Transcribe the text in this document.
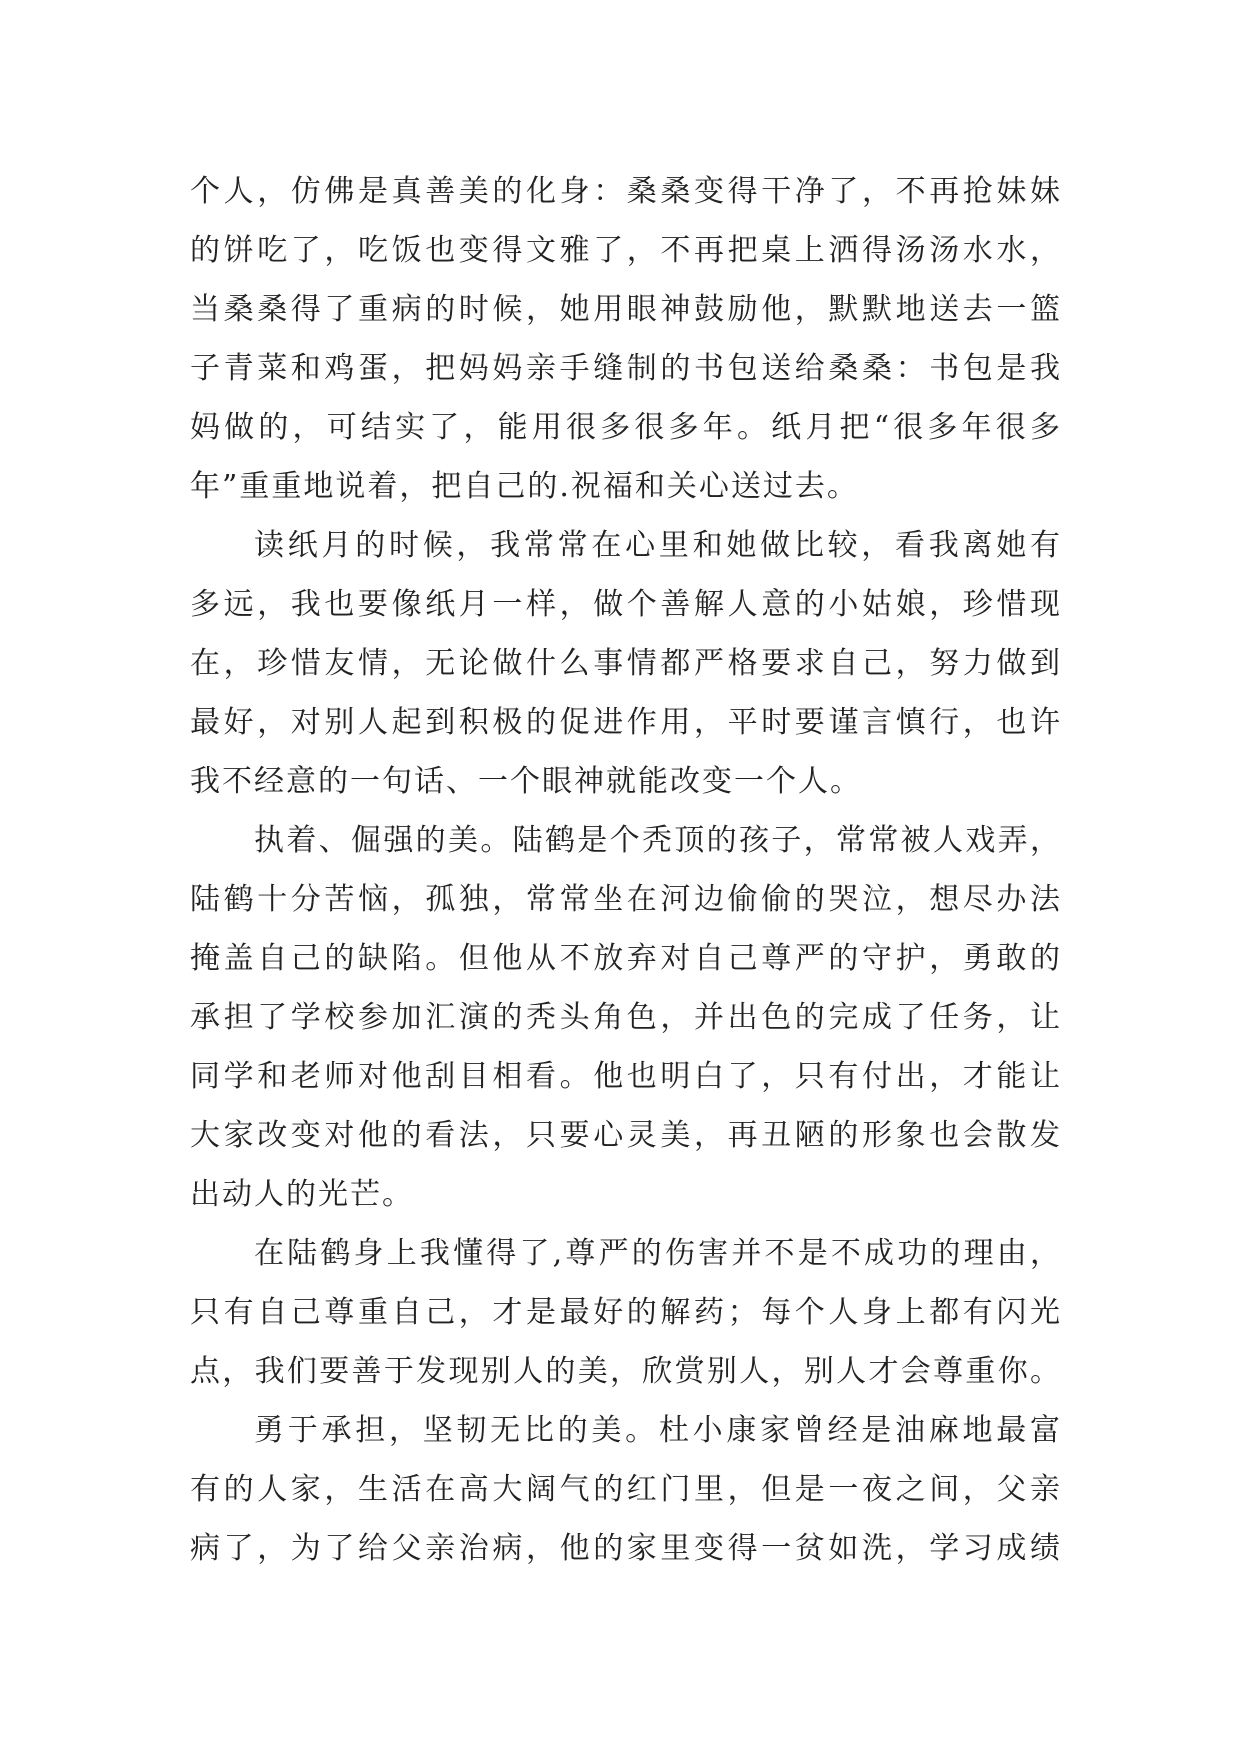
个人，仿佛是真善美的化身：桑桑变得干净了，不再抢妹妹
的饼吃了，吃饭也变得文雅了，不再把桌上洒得汤汤水水，
当桑桑得了重病的时候，她用眼神鼓励他，默默地送去一篮
子青菜和鸡蛋，把妈妈亲手缝制的书包送给桑桑：书包是我
妈做的，可结实了，能用很多很多年。纸月把“很多年很多
年”重重地说着，把自己的.祝福和关心送过去。
读纸月的时候，我常常在心里和她做比较，看我离她有
多远，我也要像纸月一样，做个善解人意的小姑娘，珍惜现
在，珍惜友情，无论做什么事情都严格要求自己，努力做到
最好，对别人起到积极的促进作用，平时要谨言慎行，也许
我不经意的一句话、一个眼神就能改变一个人。
执着、倔强的美。陆鹤是个秃顶的孩子，常常被人戏弄，
陆鹤十分苦恼，孤独，常常坐在河边偷偷的哭泣，想尽办法
掩盖自己的缺陷。但他从不放弃对自己尊严的守护，勇敢的
承担了学校参加汇演的秃头角色，并出色的完成了任务，让
同学和老师对他刮目相看。他也明白了，只有付出，才能让
大家改变对他的看法，只要心灵美，再丑陋的形象也会散发
出动人的光芒。
在陆鹤身上我懂得了,尊严的伤害并不是不成功的理由，
只有自己尊重自己，才是最好的解药；每个人身上都有闪光
点，我们要善于发现别人的美，欣赏别人，别人才会尊重你。
勇于承担，坚韧无比的美。杜小康家曾经是油麻地最富
有的人家，生活在高大阔气的红门里，但是一夜之间，父亲
病了，为了给父亲治病，他的家里变得一贫如洗，学习成绩
